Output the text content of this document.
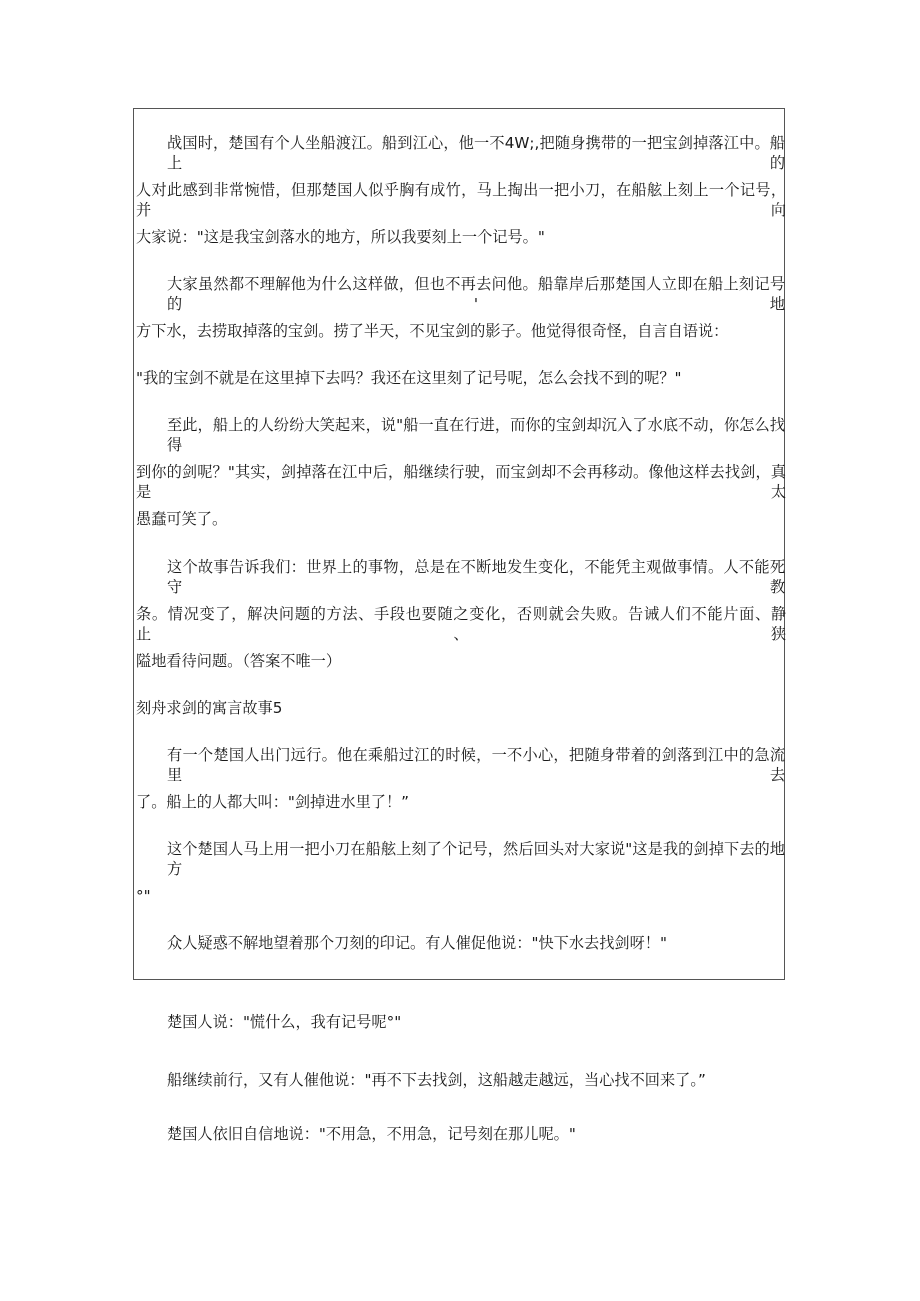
战国时，楚国有个人坐船渡江。船到江心，他一不4W;,把随身携带的一把宝剑掉落江中。船上的
人对此感到非常惋惜，但那楚国人似乎胸有成竹，马上掏出一把小刀，在船舷上刻上一个记号，并向
大家说："这是我宝剑落水的地方，所以我要刻上一个记号。"
大家虽然都不理解他为什么这样做，但也不再去问他。船靠岸后那楚国人立即在船上刻记号的'地
方下水，去捞取掉落的宝剑。捞了半天，不见宝剑的影子。他觉得很奇怪，自言自语说：
"我的宝剑不就是在这里掉下去吗？我还在这里刻了记号呢，怎么会找不到的呢？"
至此，船上的人纷纷大笑起来，说"船一直在行进，而你的宝剑却沉入了水底不动，你怎么找得
到你的剑呢？"其实，剑掉落在江中后，船继续行驶，而宝剑却不会再移动。像他这样去找剑，真是太
愚蠢可笑了。
这个故事告诉我们：世界上的事物，总是在不断地发生变化，不能凭主观做事情。人不能死守教
条。情况变了，解决问题的方法、手段也要随之变化，否则就会失败。告诫人们不能片面、静止、狭
隘地看待问题。（答案不唯一）
刻舟求剑的寓言故事5
有一个楚国人出门远行。他在乘船过江的时候，一不小心，把随身带着的剑落到江中的急流里去
了。船上的人都大叫："剑掉进水里了！”
这个楚国人马上用一把小刀在船舷上刻了个记号，然后回头对大家说"这是我的剑掉下去的地方
°"
众人疑惑不解地望着那个刀刻的印记。有人催促他说："快下水去找剑呀！"
楚国人说："慌什么，我有记号呢°"
船继续前行，又有人催他说："再不下去找剑，这船越走越远，当心找不回来了。”
楚国人依旧自信地说："不用急，不用急，记号刻在那儿呢。"
